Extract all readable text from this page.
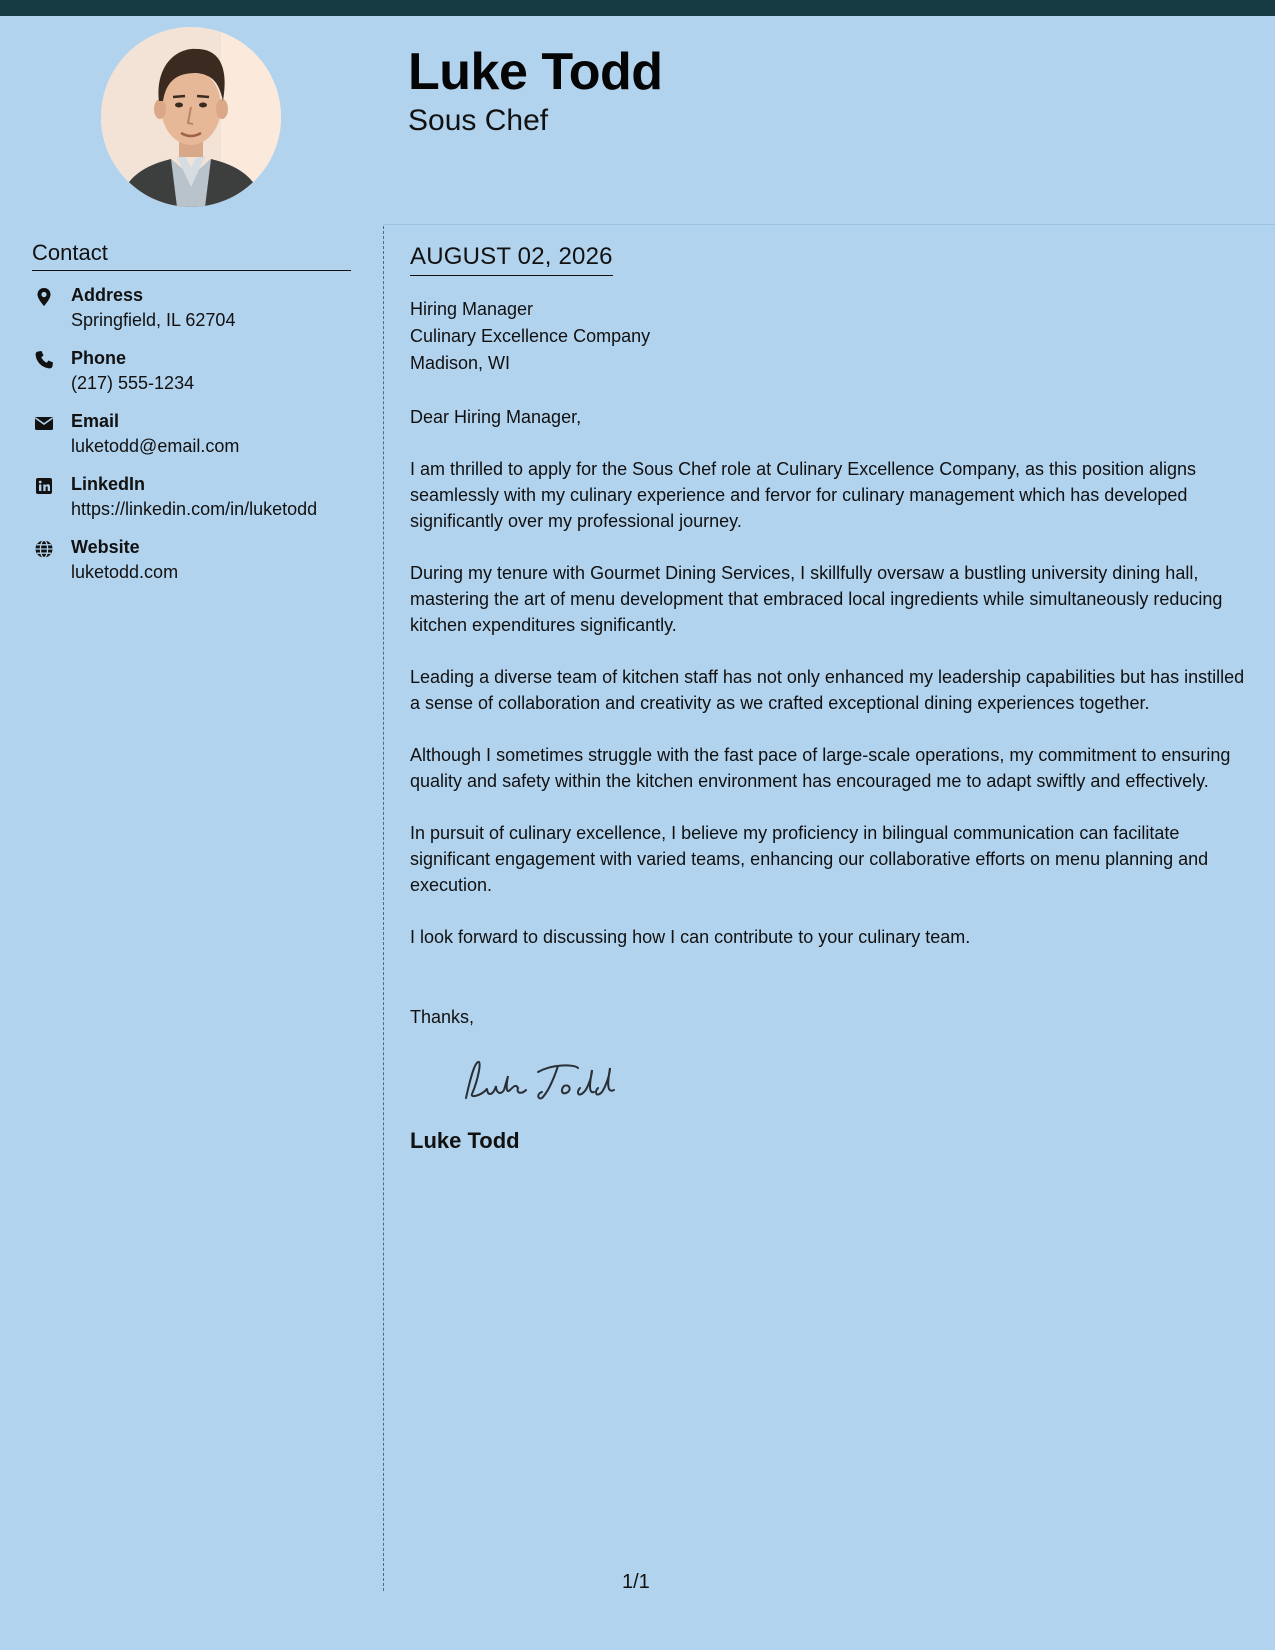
Luke Todd
Sous Chef
Contact
Address
Springfield, IL 62704
Phone
(217) 555-1234
Email
luketodd@email.com
LinkedIn
https://linkedin.com/in/luketodd
Website
luketodd.com
AUGUST 02, 2026
Hiring Manager
Culinary Excellence Company
Madison, WI
Dear Hiring Manager,

I am thrilled to apply for the Sous Chef role at Culinary Excellence Company, as this position aligns seamlessly with my culinary experience and fervor for culinary management which has developed significantly over my professional journey.

During my tenure with Gourmet Dining Services, I skillfully oversaw a bustling university dining hall, mastering the art of menu development that embraced local ingredients while simultaneously reducing kitchen expenditures significantly.

Leading a diverse team of kitchen staff has not only enhanced my leadership capabilities but has instilled a sense of collaboration and creativity as we crafted exceptional dining experiences together.

Although I sometimes struggle with the fast pace of large-scale operations, my commitment to ensuring quality and safety within the kitchen environment has encouraged me to adapt swiftly and effectively.

In pursuit of culinary excellence, I believe my proficiency in bilingual communication can facilitate significant engagement with varied teams, enhancing our collaborative efforts on menu planning and execution.

I look forward to discussing how I can contribute to your culinary team.

Thanks,
Luke Todd
1/1
